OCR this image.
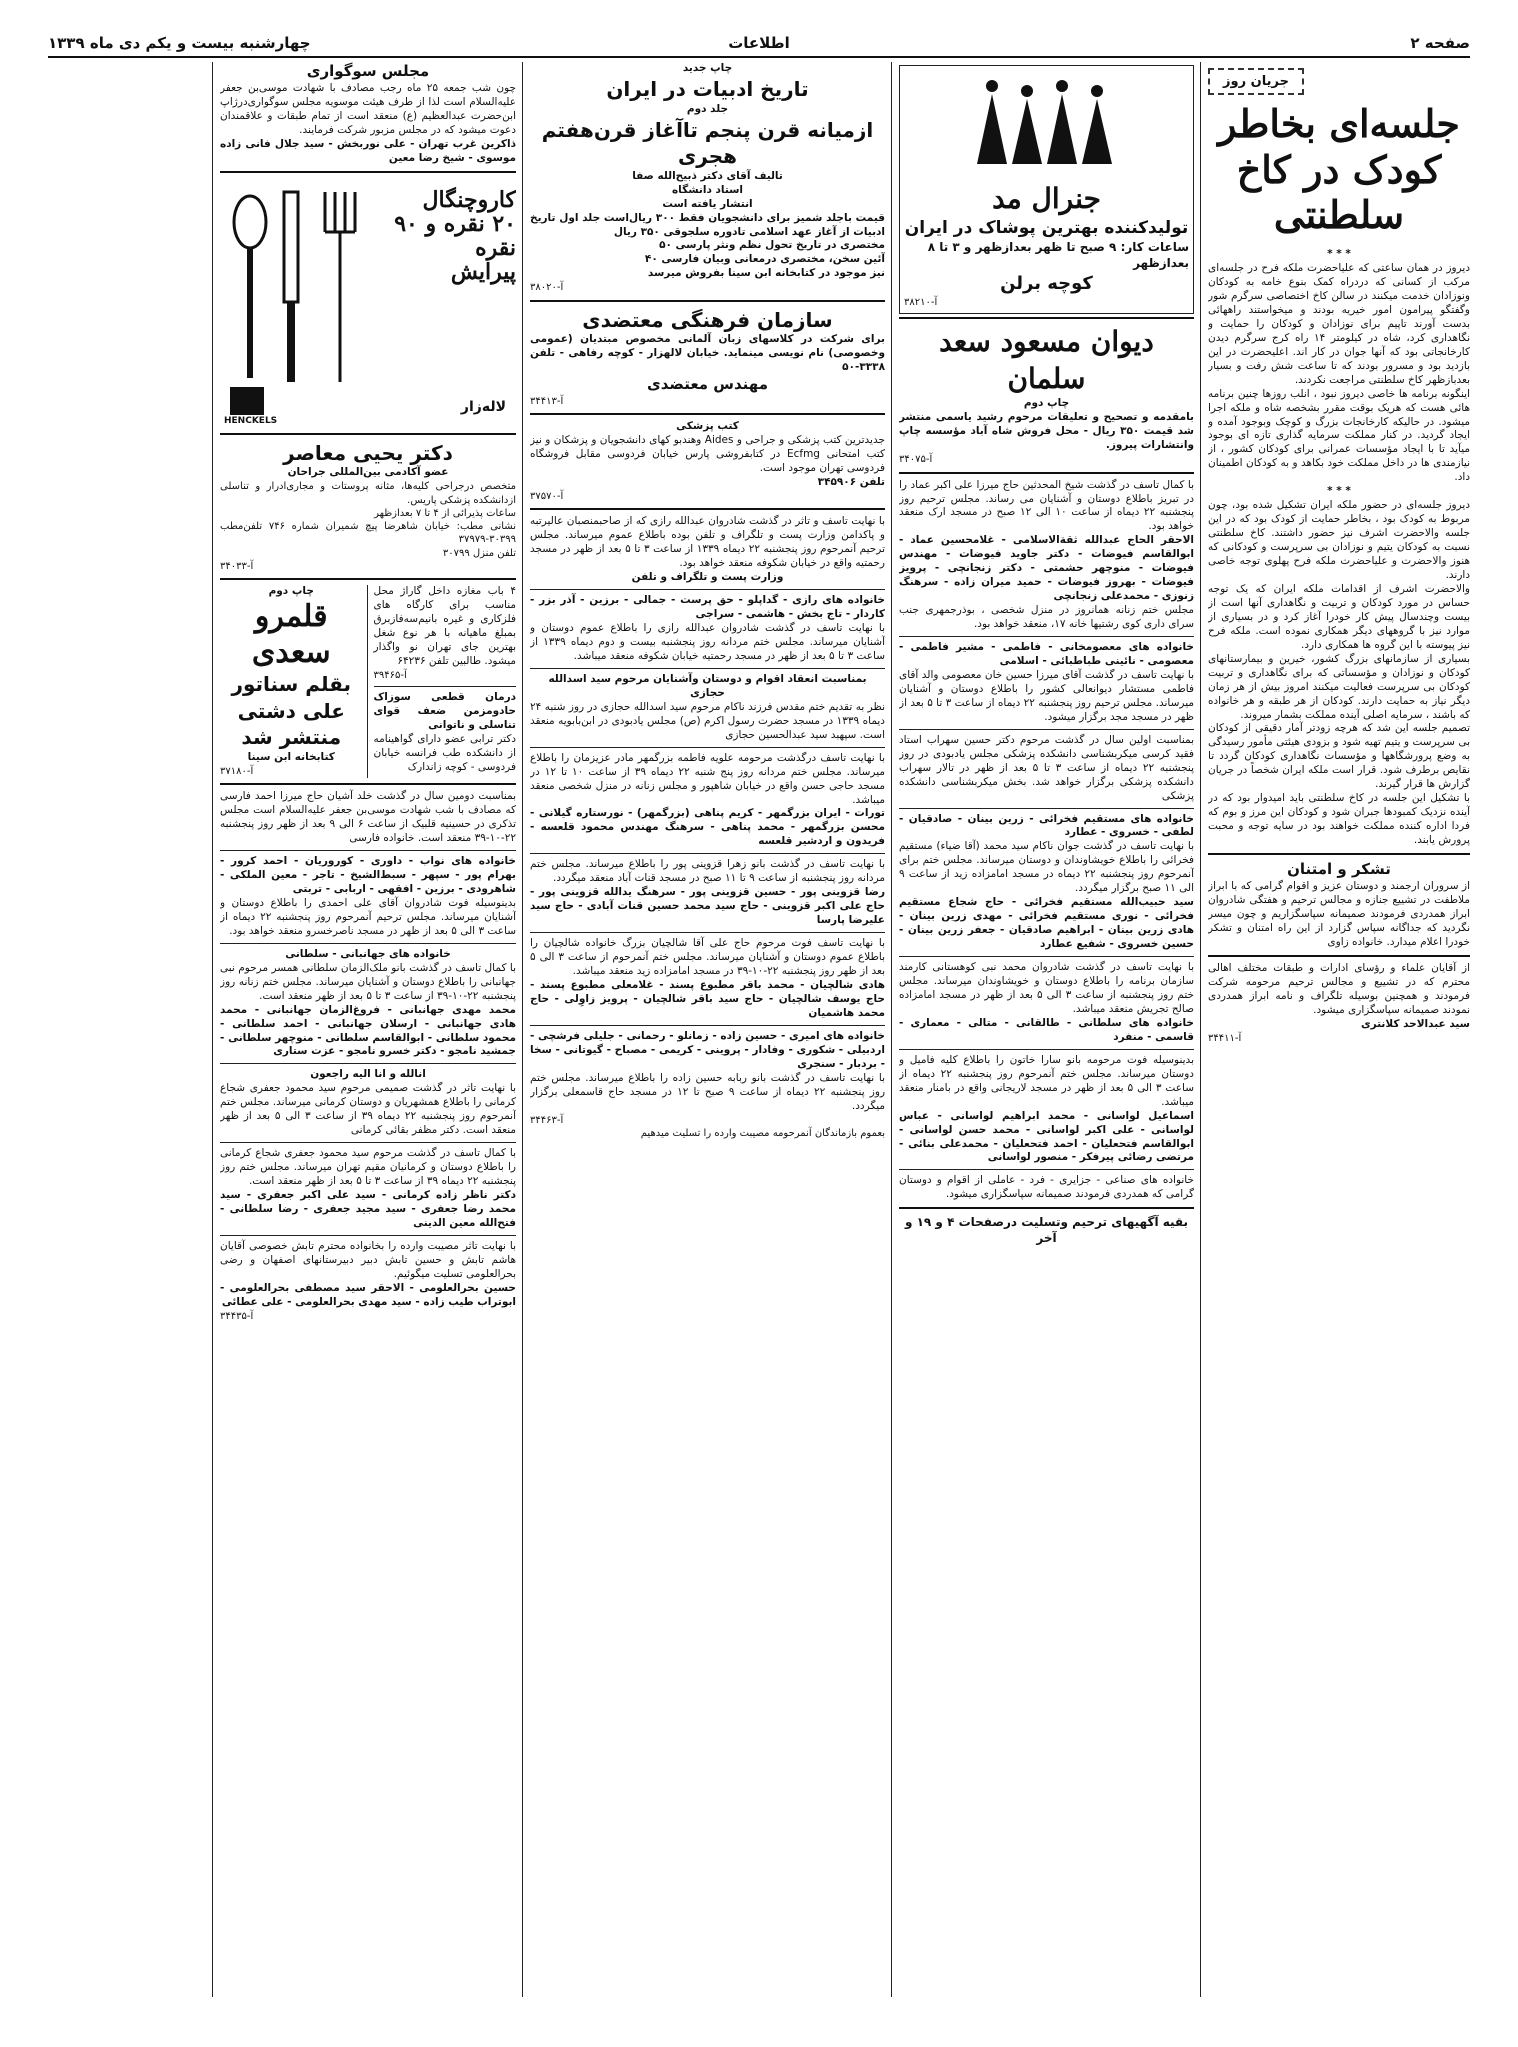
صفحه ۲
اطلاعات
چهارشنبه بیست و یکم دی ماه ۱۳۳۹
جریان روز
جلسه‌ای بخاطر کودک در کاخ سلطنتی
* * *
دیروز در همان ساعتی که علیاحضرت ملکه فرح در جلسه‌ای مرکب از کسانی که دردراه کمک بنوع خامه به کودکان ونوزادان خدمت میکنند در سالن کاخ اختصاصی سرگرم شور وگفتگو پیرامون امور خیریه بودند و میخواستند راههائی بدست آورند تاپیم برای نوزادان و کودکان را حمایت و نگاهداری کرد، شاه در کیلومتر ۱۴ راه کرج سرگرم دیدن کارخانجاتی بود که آنها جوان در کار اند. اعلیحضرت در این بازدید بود و مسرور بودند که تا ساعت شش رفت و بسیار بعدبازظهر کاخ سلطنتی مراجعت نکردند.
اینگونه برنامه ها خاصی دیروز نبود ، انلب روزها چنین برنامه هائی هست که هریک بوقت مقرر بشخصه شاه و ملکه اجرا میشود. در حالیکه کارخانجات بزرگ و کوچک وبوجود آمده و ایجاد گردید. در کنار مملکت سرمایه گذاری تازه ای بوجود میآید تا با ایجاد مؤسسات عمرانی برای کودکان کشور ، از نیازمندی ها در داخل مملکت خود بکاهد و به کودکان اطمینان داد.
* * *
دیروز جلسه‌ای در حضور ملکه ایران تشکیل شده بود، چون مربوط به کودک بود ، بخاطر حمایت از کودک بود که در این جلسه والاحضرت اشرف نیز حضور داشتند. کاخ سلطنتی نسبت به کودکان یتیم و نوزادان بی سرپرست و کودکانی که هنوز والاحضرت و علیاحضرت ملکه فرح پهلوی توجه خاصی دارند.
والاحضرت اشرف از اقدامات ملکه ایران که یک توجه حساس در مورد کودکان و تربیت و نگاهداری آنها است از بیست وچندسال پیش کار خودرا آغاز کرد و در بسیاری از موارد نیز با گروههای دیگر همکاری نموده است. ملکه فرح نیز پیوسته با این گروه ها همکاری دارد.
بسیاری از سازمانهای بزرگ کشور، خیرین و بیمارستانهای کودکان و نوزادان و مؤسساتی که برای نگاهداری و تربیت کودکان بی سرپرست فعالیت میکنند امروز بیش از هر زمان دیگر نیاز به حمایت دارند. کودکان از هر طبقه و هر خانواده که باشند ، سرمایه اصلی آینده مملکت بشمار میروند.
تصمیم جلسه این شد که هرچه زودتر آمار دقیقی از کودکان بی سرپرست و یتیم تهیه شود و بزودی هیئتی مأمور رسیدگی به وضع پرورشگاهها و مؤسسات نگاهداری کودکان گردد تا نقایص برطرف شود. قرار است ملکه ایران شخصاً در جریان گزارش ها قرار گیرند.
با تشکیل این جلسه در کاخ سلطنتی باید امیدوار بود که در آینده نزدیک کمبودها جبران شود و کودکان این مرز و بوم که فردا اداره کننده مملکت خواهند بود در سایه توجه و محبت پرورش یابند.
تشکر و امتنان
از سروران ارجمند و دوستان عزیز و اقوام گرامی که با ابراز ملاطفت در تشییع جنازه و مجالس ترحیم و هفتگی شادروان ابراز همدردی فرمودند صمیمانه سپاسگزاریم و چون میسر نگردید که جداگانه سپاس گزارد از این راه امتنان و تشکر خودرا اعلام میدارد. خانواده زاوی
از آقایان علماء و رؤسای ادارات و طبقات مختلف اهالی محترم که در تشییع و مجالس ترحیم مرحومه شرکت فرمودند و همچنین بوسیله تلگراف و نامه ابراز همدردی نمودند صمیمانه سپاسگزاری میشود.
سید عبدالاحد کلانتری
آ-۳۴۴۱۱
جنرال مد
تولیدکننده بهترین پوشاک در ایران
ساعات کار: ۹ صبح تا ظهر بعدازظهر و ۳ تا ۸ بعدازظهر
کوچه برلن
آ-۳۸۲۱۰
دیوان مسعود سعد سلمان
چاپ دوم
بامقدمه و تصحیح و تعلیقات مرحوم رشید یاسمی منتشر شد قیمت ۳۵۰ ریال - محل فروش شاه آباد مؤسسه چاپ وانتشارات پیروز.
آ-۳۴۰۷۵
با کمال تاسف در گذشت شیخ المحدثین حاج میرزا علی اکبر عماد را در تبریز باطلاع دوستان و آشنایان می رساند. مجلس ترحیم روز پنجشنبه ۲۲ دیماه از ساعت ۱۰ الی ۱۲ صبح در مسجد ارک منعقد خواهد بود.
الاحقر الحاج عبدالله ثقة‌الاسلامی - غلامحسین عماد - ابوالقاسم فیوضات - دکتر جاوید فیوضات - مهندس فیوضات - منوچهر حشمتی - دکتر زنجانچی - پرویز فیوضات - بهروز فیوضات - حمید میران زاده - سرهنگ زنوزی - محمدعلی زنجانچی
مجلس ختم زنانه همانروز در منزل شخصی ، بوذرجمهری جنب سرای داری کوی رشتیها خانه ۱۷، منعقد خواهد بود.
خانواده های معصومخانی - فاطمی - مشیر فاطمی - معصومی - نائینی طباطبائی - اسلامی
با نهایت تاسف در گذشت آقای میرزا حسین خان معصومی والد آقای فاطمی مستشار دیوانعالی کشور را باطلاع دوستان و آشنایان میرساند. مجلس ترحیم روز پنجشنبه ۲۲ دیماه از ساعت ۳ تا ۵ بعد از ظهر در مسجد مجد برگزار میشود.
بمناسبت اولین سال در گذشت مرحوم دکتر حسین سهراب استاد فقید کرسی میکربشناسی دانشکده پزشکی مجلس یادبودی در روز پنجشنبه ۲۲ دیماه از ساعت ۳ تا ۵ بعد از ظهر در تالار سهراب دانشکده پزشکی برگزار خواهد شد. بخش میکربشناسی دانشکده پزشکی
خانواده های مستقیم فخرائی - زرین بینان - صادقیان - لطفی - خسروی - عطارد
با نهایت تاسف در گذشت جوان ناکام سید محمد (آقا ضیاء) مستقیم فخرائی را باطلاع خویشاوندان و دوستان میرساند. مجلس ختم برای آنمرحوم روز پنجشنبه ۲۲ دیماه در مسجد امامزاده زید از ساعت ۹ الی ۱۱ صبح برگزار میگردد.
سید حبیب‌الله مستقیم فخرائی - حاج شجاع مستقیم فخرائی - نوری مستقیم فخرائی - مهدی زرین بینان - هادی زرین بینان - ابراهیم صادقیان - جعفر زرین بینان - حسین خسروی - شفیع عطارد
با نهایت تاسف در گذشت شادروان محمد نبی کوهستانی کارمند سازمان برنامه را باطلاع دوستان و خویشاوندان میرساند. مجلس ختم روز پنجشنبه از ساعت ۳ الی ۵ بعد از ظهر در مسجد امامزاده صالح تجریش منعقد میباشد.
خانواده های سلطانی - طالقانی - متالی - معماری - قاسمی - منفرد
بدینوسیله فوت مرحومه بانو سارا خاتون را باطلاع کلیه فامیل و دوستان میرساند. مجلس ختم آنمرحوم روز پنجشنبه ۲۲ دیماه از ساعت ۳ الی ۵ بعد از ظهر در مسجد لاریجانی واقع در بامنار منعقد میباشد.
اسماعیل لواسانی - محمد ابراهیم لواسانی - عباس لواسانی - علی اکبر لواسانی - محمد حسن لواسانی - ابوالقاسم فتحعلیان - احمد فتحعلیان - محمدعلی بنائی - مرتضی رضائی پیرفکر - منصور لواسانی
خانواده های صناعی - جزایری - فرد - عاملی از اقوام و دوستان گرامی که همدردی فرمودند صمیمانه سپاسگزاری میشود.
بقیه آگهیهای ترحیم وتسلیت درصفحات ۴ و ۱۹ و آخر
چاپ جدید
تاریخ ادبیات در ایران
جلد دوم
ازمیانه قرن پنجم تاآغاز قرن‌هفتم هجری
تالیف آقای دکتر ذبیح‌الله صفا
استاد دانشگاه
انتشار یافته است
قیمت باجلد شمیز برای دانشجویان فقط ۳۰۰ ریال‌است جلد اول تاریخ ادبیات از آغاز عهد اسلامی تادوره سلجوقی ۳۵۰ ریال
مختصری در تاریخ تحول نظم ونثر پارسی ۵۰
آئین سخن، مختصری درمعانی وبیان فارسی ۴۰
نیز موجود در کتابخانه ابن سینا بفروش میرسد
آ-۳۸۰۲۰
سازمان فرهنگی معتضدی
برای شرکت در کلاسهای زبان آلمانی مخصوص مبتدیان (عمومی وخصوصی) نام نویسی مینماید. خیابان لالهزار - کوچه رفاهی - تلفن ۳۳۳۸-۵۰
مهندس معتضدی
آ-۳۴۴۱۳
کتب پزشکی
جدیدترین کتب پزشکی و جراحی و Aides وهندبو کهای دانشجویان و پزشکان و نیز کتب امتحانی Ecfmg در کتابفروشی پارس خیابان فردوسی مقابل فروشگاه فردوسی تهران موجود است.
تلفن ۳۴۵۹۰۶
آ-۳۷۵۷۰
با نهایت تاسف و تاثر در گذشت شادروان عبدالله رازی که از صاحبمنصبان عالیرتبه و پاکدامن وزارت پست و تلگراف و تلفن بوده باطلاع عموم میرساند. مجلس ترحیم آنمرحوم روز پنجشنبه ۲۲ دیماه ۱۳۳۹ از ساعت ۳ تا ۵ بعد از ظهر در مسجد رحمتیه واقع در خیابان شکوفه منعقد خواهد بود.
وزارت پست و تلگراف و تلفن
خانواده های رازی - گداپلو - حق پرست - جمالی - برزین - آذر بزر - کاردار - تاج بخش - هاشمی - سراجی
با نهایت تاسف در گذشت شادروان عبدالله رازی را باطلاع عموم دوستان و آشنایان میرساند. مجلس ختم مردانه روز پنجشنبه بیست و دوم دیماه ۱۳۳۹ از ساعت ۳ تا ۵ بعد از ظهر در مسجد رحمتیه خیابان شکوفه منعقد میباشد.
بمناسبت انعقاد اقوام و دوستان وآشنایان مرحوم سید اسدالله حجازی
نظر به تقدیم ختم مقدس فرزند ناکام مرحوم سید اسدالله حجازی در روز شنبه ۲۴ دیماه ۱۳۳۹ در مسجد حضرت رسول اکرم (ص) مجلس یادبودی در ابن‌بابویه منعقد است. سپهبد سید عبدالحسین حجازی
با نهایت تاسف درگذشت مرحومه علویه فاطمه بزرگمهر مادر عزیزمان را باطلاع میرساند. مجلس ختم مردانه روز پنج شنبه ۲۲ دیماه ۳۹ از ساعت ۱۰ تا ۱۲ در مسجد حاجی حسن واقع در خیابان شاهپور و مجلس زنانه در منزل شخصی منعقد میباشد.
تورات - ایران بزرگمهر - کریم پناهی (بزرگمهر) - نورستاره گیلانی - محسن بزرگمهر - محمد پناهی - سرهنگ مهندس محمود قلعسه - فریدون و اردشیر قلعسه
با نهایت تاسف در گذشت بانو زهرا قزوینی پور را باطلاع میرساند. مجلس ختم مردانه روز پنجشنبه از ساعت ۹ تا ۱۱ صبح در مسجد قنات آباد منعقد میگردد.
رضا قزوینی پور - حسین قزوینی پور - سرهنگ یدالله قزوینی پور - حاج علی اکبر قزوینی - حاج سید محمد حسین قنات آبادی - حاج سید علیرضا پارسا
با نهایت تاسف فوت مرحوم حاج علی آقا شالچیان بزرگ خانواده شالچیان را باطلاع عموم دوستان و آشنایان میرساند. مجلس ختم آنمرحوم از ساعت ۳ الی ۵ بعد از ظهر روز پنجشنبه ۲۲-۱۰-۳۹ در مسجد امامزاده زید منعقد میباشد.
هادی شالچیان - محمد باقر مطبوع پسند - غلامعلی مطبوع پسند - حاج یوسف شالچیان - حاج سید باقر شالچیان - پرویز زاوِلی - حاج محمد هاشمیان
خانواده های امیری - حسین زاده - زمانلو - رحمانی - جلیلی فرشچی - اردبیلی - شکوری - وفادار - پروینی - کریمی - مصباح - گیوتانی - سخا - بردبار - سنجری
با نهایت تاسف در گذشت بانو ربابه حسین زاده را باطلاع میرساند. مجلس ختم روز پنجشنبه ۲۲ دیماه از ساعت ۹ صبح تا ۱۲ در مسجد حاج قاسمعلی برگزار میگردد.
آ-۳۴۴۶۳
بعموم بازماندگان آنمرحومه مصیبت وارده را تسلیت میدهیم
مجلس سوگواری
چون شب جمعه ۲۵ ماه رجب مصادف با شهادت موسی‌بن جعفر علیه‌السلام است لذا از طرف هیئت موسویه مجلس سوگواری‌درژاپ ابن‌حضرت عبدالعظیم (ع) منعقد است از تمام طبقات و علاقمندان دعوت میشود که در مجلس مزبور شرکت فرمایند.
ذاکرین غرب تهران - علی نوربخش - سید جلال فانی زاده موسوی - شیخ رضا معین
کاروچنگال
۲۰ نقره و ۹۰ نقره
پیرایش
HENCKELS
لاله‌زار
دکتر یحیی معاصر
عضو آکادمی بین‌المللی جراحان
متخصص درجراحی کلیه‌ها، مثانه پروستات و مجاری‌ادرار و تناسلی ازدانشکده پزشکی پاریس.
ساعات پذیرائی از ۴ تا ۷ بعدازظهر
نشانی مطب: خیابان شاهرضا پیچ شمیران شماره ۷۴۶ تلفن‌مطب ۳۰۳۹۹-۳۷۹۷۹
تلفن منزل ۳۰۷۹۹
آ-۳۴۰۳۳
۴ باب مغازه داخل گاراژ محل مناسب برای کارگاه های فلزکاری و غیره بانیم‌سه‌فازبرق بمبلغ ماهیانه با هر نوع شغل بهترین جای تهران نو واگذار میشود. طالبین تلفن ۶۴۲۳۶
آ-۳۹۴۶۵
درمان قطعی سوزاک حادومزمن ضعف قوای تناسلی و ناتوانی
دکتر ترابی عضو دارای گواهینامه از دانشکده طب فرانسه خیابان فردوسی - کوچه زاندارک
چاپ دوم
قلمرو سعدی
بقلم سناتور علی دشتی
منتشر شد
کتابخانه ابن سینا
آ-۳۷۱۸۰
بمناسبت دومین سال در گذشت خلد آشیان حاج میرزا احمد فارسی که مصادف با شب شهادت موسی‌بن جعفر علیه‌السلام است مجلس تذکری در حسینیه قلبیک از ساعت ۶ الی ۹ بعد از ظهر روز پنجشنبه ۲۲-۱۰-۳۹ منعقد است. خانواده فارسی
خانواده های نواب - داوری - کوروریان - احمد کرور - بهرام پور - سپهر - سبط‌الشیخ - تاجر - معین الملکی - شاهرودی - برزین - افقهی - اربابی - تربتی
بدینوسیله فوت شادروان آقای علی احمدی را باطلاع دوستان و آشنایان میرساند. مجلس ترحیم آنمرحوم روز پنجشنبه ۲۲ دیماه از ساعت ۳ الی ۵ بعد از ظهر در مسجد ناصرخسرو منعقد خواهد بود.
خانواده های جهانبانی - سلطانی
با کمال تاسف در گذشت بانو ملک‌الزمان سلطانی همسر مرحوم نبی جهانبانی را باطلاع دوستان و آشنایان میرساند. مجلس ختم زنانه روز پنجشنبه ۲۲-۱۰-۳۹ از ساعت ۳ تا ۵ بعد از ظهر منعقد است.
محمد مهدی جهانبانی - فروغ‌الزمان جهانبانی - محمد هادی جهانبانی - ارسلان جهانبانی - احمد سلطانی - محمود سلطانی - ابوالقاسم سلطانی - منوچهر سلطانی - جمشید نامجو - دکتر خسرو نامجو - عزت ستاری
انالله و انا الیه راجعون
با نهایت تاثر در گذشت صمیمی مرحوم سید محمود جعفری شجاع کرمانی را باطلاع همشهریان و دوستان کرمانی میرساند. مجلس ختم آنمرحوم روز پنجشنبه ۲۲ دیماه ۳۹ از ساعت ۳ الی ۵ بعد از ظهر منعقد است. دکتر مظفر بقائی کرمانی
با کمال تاسف در گذشت مرحوم سید محمود جعفری شجاع کرمانی را باطلاع دوستان و کرمانیان مقیم تهران میرساند. مجلس ختم روز پنجشنبه ۲۲ دیماه ۳۹ از ساعت ۳ تا ۵ بعد از ظهر منعقد است.
دکتر ناظر زاده کرمانی - سید علی اکبر جعفری - سید محمد رضا جعفری - سید مجید جعفری - رضا سلطانی - فتح‌الله معین الدینی
با نهایت تاثر مصیبت وارده را بخانواده محترم تابش خصوصی آقایان هاشم تابش و حسین تابش دبیر دبیرستانهای اصفهان و رضی بحرالعلومی تسلیت میگوئیم.
حسین بحرالعلومی - الاحقر سید مصطفی بحرالعلومی - ابوتراب طیب زاده - سید مهدی بحرالعلومی - علی عطائی
آ-۳۴۴۳۵
